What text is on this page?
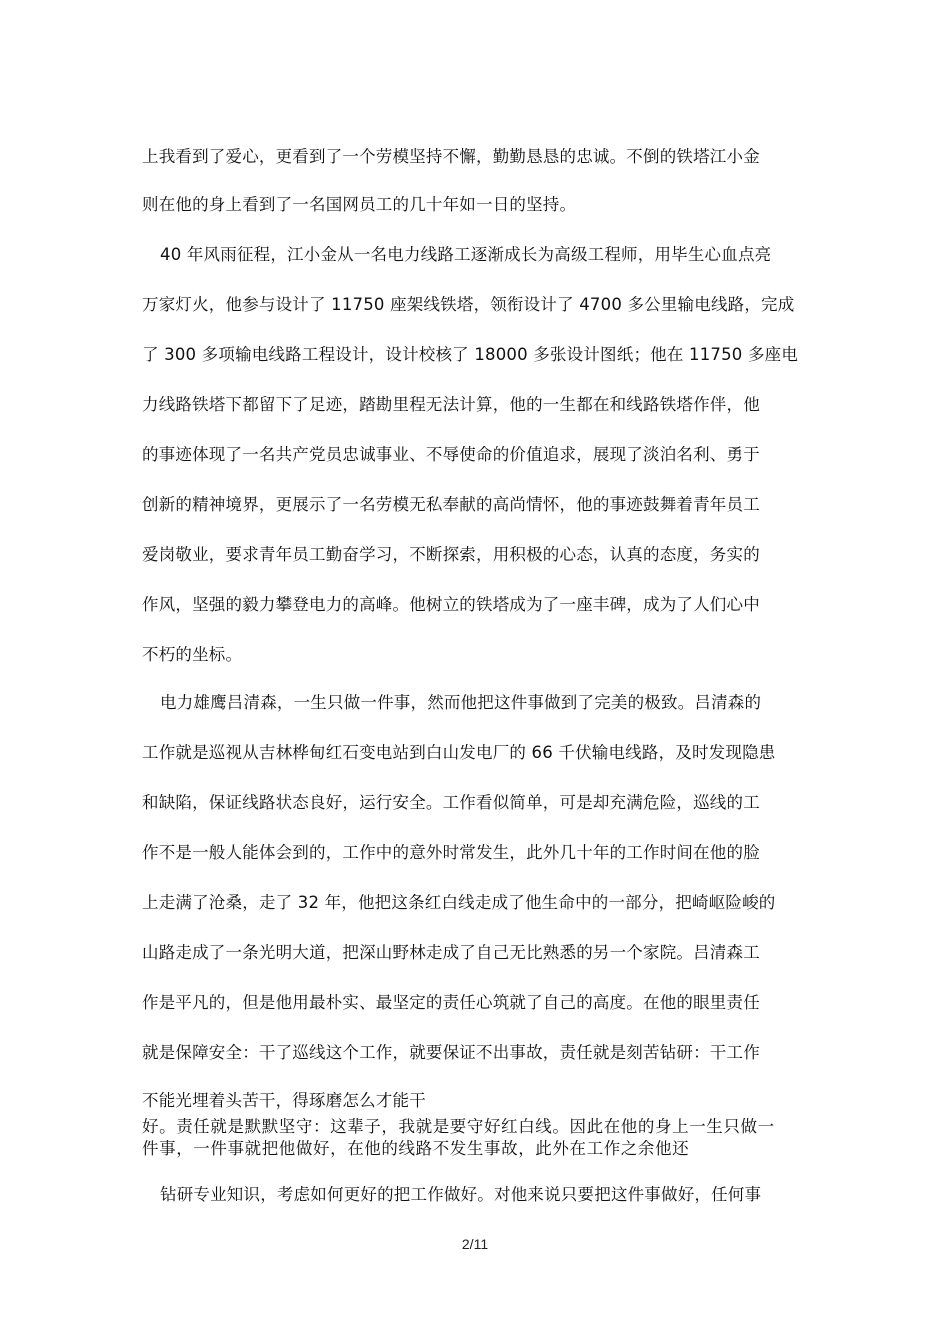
上我看到了爱心，更看到了一个劳模坚持不懈，勤勤恳恳的忠诚。不倒的铁塔江小金
则在他的身上看到了一名国网员工的几十年如一日的坚持。
40 年风雨征程，江小金从一名电力线路工逐渐成长为高级工程师，用毕生心血点亮
万家灯火，他参与设计了 11750 座架线铁塔，领衔设计了 4700 多公里输电线路，完成
了 300 多项输电线路工程设计，设计校核了 18000 多张设计图纸；他在 11750 多座电
力线路铁塔下都留下了足迹，踏勘里程无法计算，他的一生都在和线路铁塔作伴，他
的事迹体现了一名共产党员忠诚事业、不辱使命的价值追求，展现了淡泊名利、勇于
创新的精神境界，更展示了一名劳模无私奉献的高尚情怀，他的事迹鼓舞着青年员工
爱岗敬业，要求青年员工勤奋学习，不断探索，用积极的心态，认真的态度，务实的
作风，坚强的毅力攀登电力的高峰。他树立的铁塔成为了一座丰碑，成为了人们心中
不朽的坐标。
电力雄鹰吕清森，一生只做一件事，然而他把这件事做到了完美的极致。吕清森的
工作就是巡视从吉林桦甸红石变电站到白山发电厂的 66 千伏输电线路，及时发现隐患
和缺陷，保证线路状态良好，运行安全。工作看似简单，可是却充满危险，巡线的工
作不是一般人能体会到的，工作中的意外时常发生，此外几十年的工作时间在他的脸
上走满了沧桑，走了 32 年，他把这条红白线走成了他生命中的一部分，把崎岖险峻的
山路走成了一条光明大道，把深山野林走成了自己无比熟悉的另一个家院。吕清森工
作是平凡的，但是他用最朴实、最坚定的责任心筑就了自己的高度。在他的眼里责任
就是保障安全：干了巡线这个工作，就要保证不出事故，责任就是刻苦钻研：干工作
不能光埋着头苦干，得琢磨怎么才能干
好。责任就是默默坚守：这辈子，我就是要守好红白线。因此在他的身上一生只做一
件事，一件事就把他做好，在他的线路不发生事故，此外在工作之余他还
钻研专业知识，考虑如何更好的把工作做好。对他来说只要把这件事做好，任何事
2/11
